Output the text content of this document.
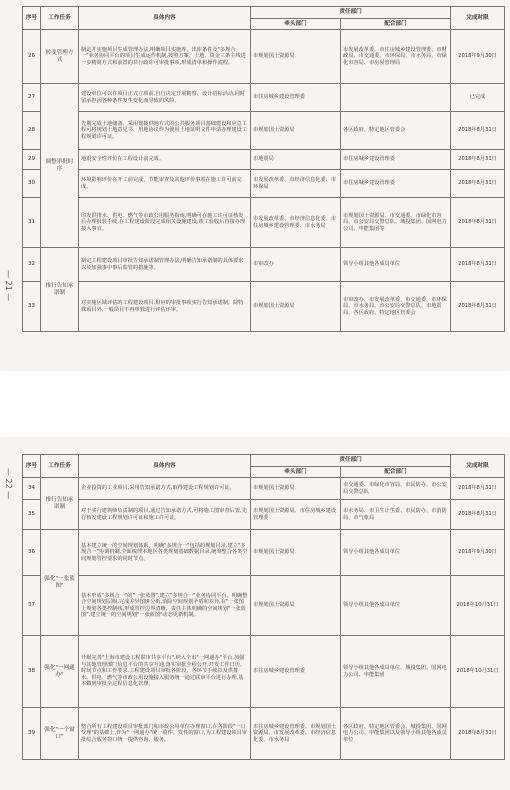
— 21 —
序号	工作任务	具体内容	责任部门		完成时限
			牵头部门	配合部门	
26	转变管理方式	制定并实施项目生成管理办法,明确项目实施库、出库条件及"多规合一"业务协同平台的项目生成运作机制,按照方案、土地、资金三条主线进一步精简方式和前置的非行政许可审批事项,形成清单和操作流程。	市规划国土资源局	市发展改革委、市住房城乡建设管理委、市财政局、市交通委、市环保局、市水务局、市绿化市容局、市房屋管理局	2018年9月30日
27	调整审批时序	建设单位可以在项目正式立项前,自行决定开展勘察、设计招标活动,同时留承担因各种条件发生变化而导致的风险。	市住房城乡建设管理委		已完成
28		先期完成土地储备、采用划拨供地方式的公共服务项目基础建设和应急工程可将规划土地意见书、用地协议作为使用土地证明文件申请办理建设工程规划许可证。	市规划国土资源局	各区政府、特定地区管委会	2018年8月31日
29		地震安全性评价在工程设计前完成。	市地震局	市住房城乡建设管理委	2018年8月31日
30		环境影响评价在开工前完成、节能审查及其他评价事项在施工许可前完成。	市发展改革委、市经济信息化委、市环保局	市住房城乡建设管理委	2018年8月31日
31		印发供排水、供电、燃气等市政公用服务指南,明确可在施工许可证核发后办理报装手续,在工程建设阶段完成相关设施建设,竣工验收后直接办理接入事宜。	市发展改革委、市经济信息化委、市住房城乡建设管理委、市水务局	市规划国土资源局、市交通委、市绿化市容局、市公安局交警总队、城投集团、国网电力公司、申能集团等	2018年8月31日
32	推行告知承诺制	制定工程建设项目审批告知承诺制管理办法,明确告知承诺制的具体要求以及加强事中事后监管的措施等。	市审改办	领导小组其他各成员单位	2018年8月31日
33		对实施区域评估的工程建设项目,相应的审批事项实行告知承诺制。除特殊项目外,一般项目不再单独进行评估评审。	市规划国土资源局	市审改办、市发展改革委、市交通委、市环保局、市水务局、市公安局交警总队、市地震局、各区政府、特定地区管委会	2018年8月31日
— 22 —
序号	工作任务	具体内容	责任部门		完成时限
			牵头部门	配合部门	
34	推行告知承诺制	企业投资的工业项目,采用告知承诺方式,取得建设工程规划许可证。	市规划国土资源局	市交通委、市绿化市容局、市民防办、市公安局交警总队	2018年8月31日
35		对于实行建筑师负责制的项目,通过告知承诺方式,可将施工图审查后置,先行核发建设工程规划许可证和施工许可证。	市规划国土资源局、市住房城乡建设管理委	市水务局、市卫生计生委、市民防办、市消防局、市气象局	2018年8月31日
36	强化"一张蓝图"	基本建立统一的空间规划体系。明确"多规合一"包括的规划目录,建立"多规合一"协调机制,全面梳理本地区各类规划基础数据目录,统筹整合各类空间规划管控要求的同时节点。	市规划国土资源局	领导小组其他各成员单位	2018年9月30日
37		基本形成"多规合一"的"一张蓝图",建立"多规合一"业务协同平台。明确整合空间规划层级,完成差异图斑分析,消除空间规划矛盾和差异,在"一张图上规划各类控制线,形成管控边界清晰、责任主体明确的空间规划"一张蓝图",建立统一的空间规划"一张蓝图"动态更新机制。	市规划国土资源局	领导小组其他各成员单位	2018年10月31日
38	强化"一网通办"	升级完善"上海市建设工程联审共享平台",纳入全市"一网通办"平台,加强与其他管理部门信息平台的共享互通,落实审批全程公开,开发工作日历、时间节点和工作要求,工程建设项目审批各阶段、各环节手续以及供排水、供电、燃气等市政公用设施接入服务统一通过联审平台进行办理,基本做到审批全过程信息化管理。	市住房城乡建设管理委	领导小组其他各成员单位、城投集团、国网电力公司、申能集团	2018年10月31日
39	强化"一个窗口"	整合所有工程建设项目审批部门和市政公用单位办理窗口,在各阶段"一口受理"的基础上,作为"一网通办"统一收件、发件的窗口,为工程建设项目审批综合服务窗口统一提供咨询、服务。	市住房城乡建设管理委、市规划国土资源局、市发展改革委、市经济信息化委、市水务局	各区政府、特定地区管委会、城投集团、国网电力公司、申能集团以及领导小组其他各成员单位	2018年8月31日
